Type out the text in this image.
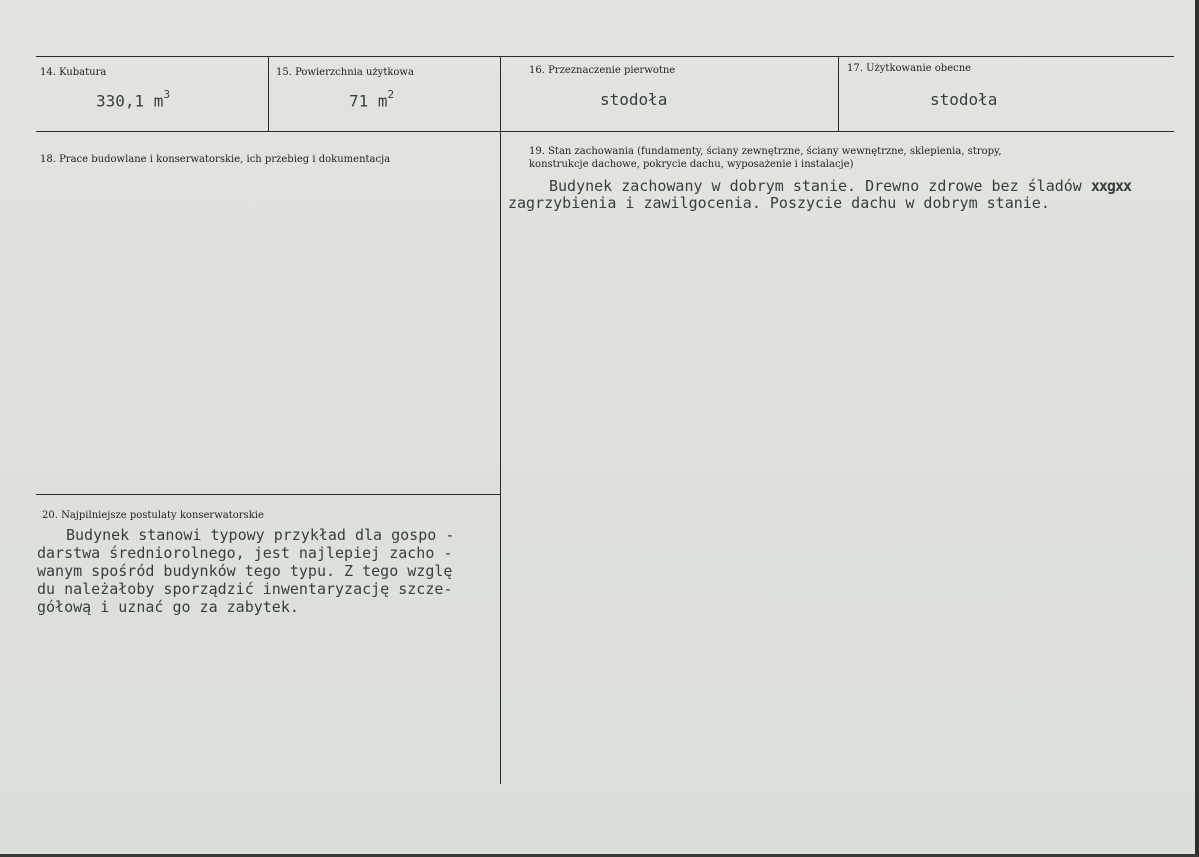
14. Kubatura
330,1 $m^3$
15. Powierzchnia użytkowa
71 $m^2$
16. Przeznaczenie pierwotne
stodoła
17. Użytkowanie obecne
stodoła
18. Prace budowlane i konserwatorskie, ich przebieg i dokumentacja
19. Stan zachowania (fundamenty, ściany zewnętrzne, ściany wewnętrzne, sklepienia, stropy,
konstrukcje dachowe, pokrycie dachu, wyposażenie i instalacje)
Budynek zachowany w dobrym stanie. Drewno zdrowe bez śladów xxgxx
zagrzybienia i zawilgocenia. Poszycie dachu w dobrym stanie.
20. Najpilniejsze postulaty konserwatorskie
Budynek stanowi typowy przykład dla gospo -
darstwa średniorolnego, jest najlepiej zacho -
wanym spośród budynków tego typu. Z tego wzglę
du należałoby sporządzić inwentaryzację szcze-
gółową i uznać go za zabytek.
